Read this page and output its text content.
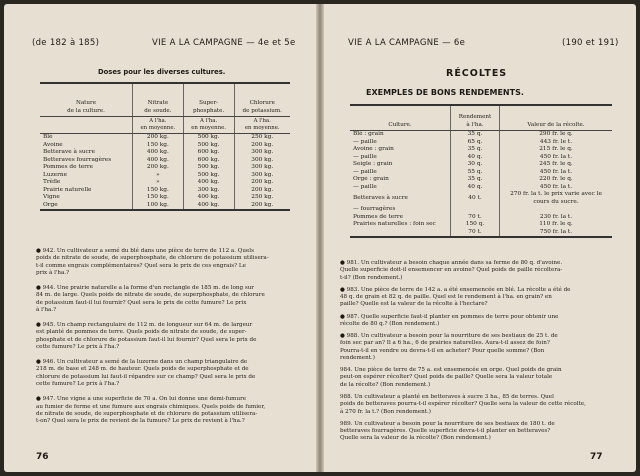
(de 182 à 185)	VIE A LA CAMPAGNE — 4e et 5e
Doses pour les diverses cultures.
Nature
de la culture.	Nitrate
de soude.	Super-
phosphate.	Chlorure
de potassium.
	A l'ha.
en moyenne.	A l'ha.
en moyenne.	A l'ha.
en moyenne.
Blé	200 kg.	500 kg.	250 kg.
Avoine	150 kg.	500 kg.	200 kg.
Betterave à sucre	400 kg.	600 kg.	300 kg.
Betteraves fourragères	400 kg.	600 kg.	300 kg.
Pommes de terre	200 kg.	500 kg.	300 kg.
Luzerne	»	500 kg.	300 kg.
Trèfle	»	400 kg.	200 kg.
Prairie naturelle	150 kg.	300 kg.	200 kg.
Vigne	150 kg.	400 kg.	250 kg.
Orge	100 kg.	400 kg.	200 kg.
● 942. Un cultivateur a semé du blé dans une pièce de terre de 112 a. Quels
poids de nitrate de soude, de superphosphate, de chlorure de potassium utilisera-
t-il comme engrais complémentaires? Quel sera le prix de ces engrais? Le
prix à l'ha.?
● 944. Une prairie naturelle a la forme d'un rectangle de 185 m. de long sur
84 m. de large. Quels poids de nitrate de soude, de superphosphate, de chlorure
de potassium faut-il lui fournir? Quel sera le prix de cette fumure? Le prix
à l'ha.?
● 945. Un champ rectangulaire de 112 m. de longueur sur 64 m. de largeur
est planté de pommes de terre. Quels poids de nitrate de soude, de super-
phosphate et de chlorure de potassium faut-il lui fournir? Quel sera le prix de
cette fumure? Le prix à l'ha.?
● 946. Un cultivateur a semé de la luzerne dans un champ triangulaire de
218 m. de base et 248 m. de hauteur. Quels poids de superphosphate et de
chlorure de potassium lui faut-il répandre sur ce champ? Quel sera le prix de
cette fumure? Le prix à l'ha.?
● 947. Une vigne a une superficie de 70 a. On lui donne une demi-fumure
au fumier de ferme et une fumure aux engrais chimiques. Quels poids de fumier,
de nitrate de soude, de superphosphate et de chlorure de potassium utilisera-
t-on? Quel sera le prix de revient de la fumure? Le prix de revient à l'ha.?
76
VIE A LA CAMPAGNE — 6e	(190 et 191)
RÉCOLTES
EXEMPLES DE BONS RENDEMENTS.
Culture.	Rendement
à l'ha.	Valeur de la récolte.
Blé : grain	35 q.	290 fr. le q.
— paille	65 q.	443 fr. le t.
Avoine : grain	35 q.	215 fr. le q.
— paille	40 q.	450 fr. la t.
Seigle : grain	30 q.	245 fr. le q.
— paille	55 q.	450 fr. la t.
Orge : grain	35 q.	220 fr. le q.
— paille	40 q.	450 fr. la t.
Betteraves à sucre	40 t.	270 fr. la t. le prix varie avec le cours du sucre.
— fourragères		
Pommes de terre	70 t.	230 fr. la t.
Prairies naturelles : foin sec	150 q.	110 fr. le q.
	70 t.	750 fr. la t.
● 981. Un cultivateur a besoin chaque année dans sa ferme de 80 q. d'avoine.
Quelle superficie doit-il ensemencer en avoine? Quel poids de paille récoltera-
t-il? (Bon rendement.)
● 983. Une pièce de terre de 142 a. a été ensemencée en blé. La récolte a été de
48 q. de grain et 82 q. de paille. Quel est le rendement à l'ha. en grain? en
paille? Quelle est la valeur de la récolte à l'hectare?
● 987. Quelle superficie faut-il planter en pommes de terre pour obtenir une
récolte de 80 q.? (Bon rendement.)
● 988. Un cultivateur a besoin pour la nourriture de ses bestiaux de 25 t. de
foin sec par an? Il a 6 ha., 6 de prairies naturelles. Aura-t-il assez de foin?
Pourra-t-il en vendre ou devra-t-il en acheter? Pour quelle somme? (Bon
rendement.)
984. Une pièce de terre de 75 a. est ensemencée en orge. Quel poids de grain
peut-on espérer récolter? Quel poids de paille? Quelle sera la valeur totale
de la récolte? (Bon rendement.)
988. Un cultivateur a planté en betteraves à sucre 3 ha., 85 de terres. Quel
poids de betteraves pourra-t-il espérer récolter? Quelle sera la valeur de cette récolte,
à 270 fr. la t.? (Bon rendement.)
989. Un cultivateur a besoin pour la nourriture de ses bestiaux de 180 t. de
betteraves fourragères. Quelle superficie devra-t-il planter en betteraves?
Quelle sera la valeur de la récolte? (Bon rendement.)
77
